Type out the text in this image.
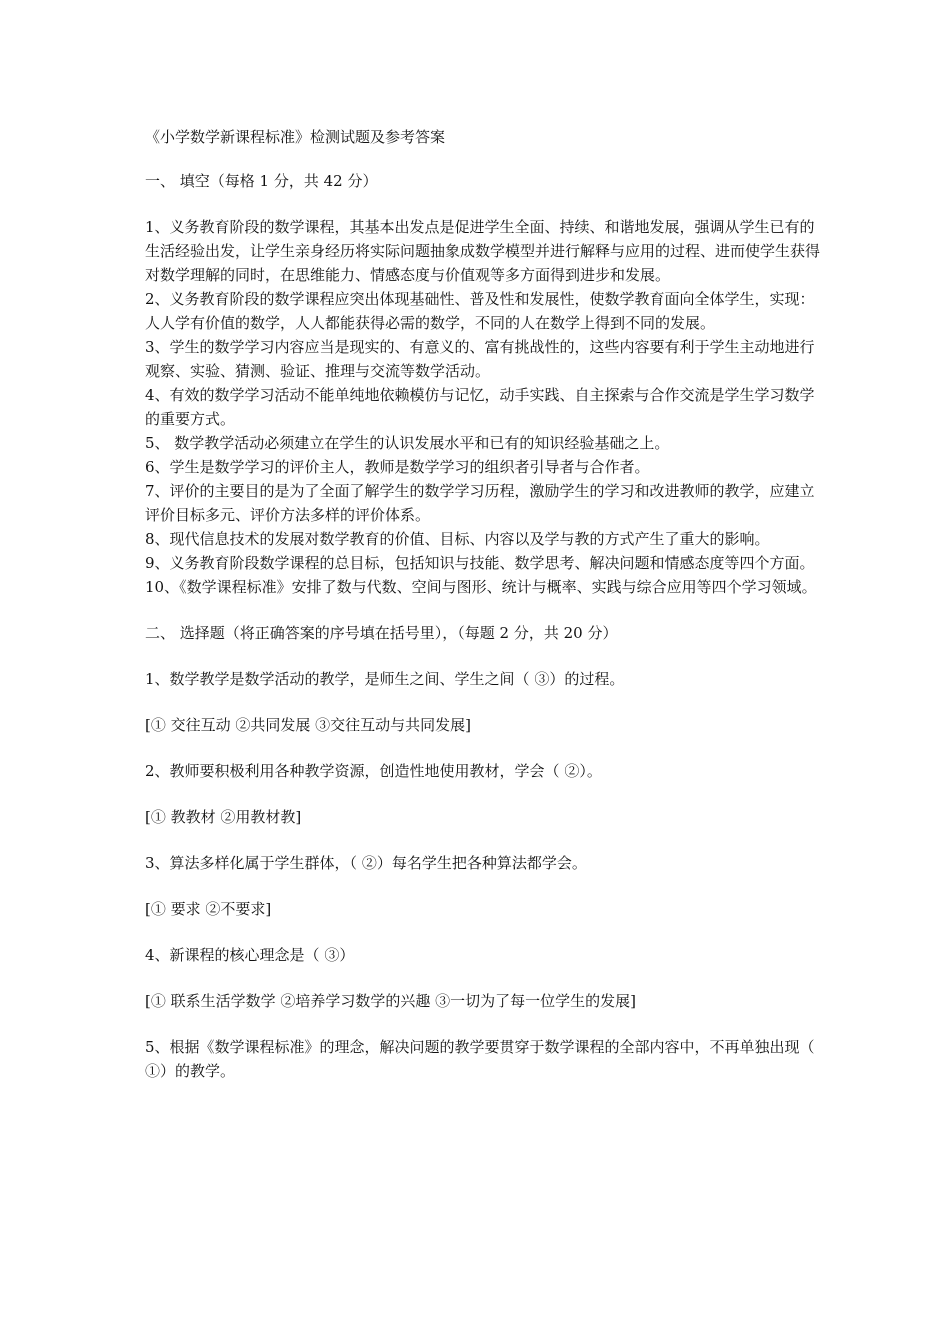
《小学数学新课程标准》检测试题及参考答案

一、 填空（每格 1 分，共 42 分）

1、义务教育阶段的数学课程，其基本出发点是促进学生全面、持续、和谐地发展，强调从学生已有的生活经验出发，让学生亲身经历将实际问题抽象成数学模型并进行解释与应用的过程、进而使学生获得对数学理解的同时，在思维能力、情感态度与价值观等多方面得到进步和发展。

2、义务教育阶段的数学课程应突出体现基础性、普及性和发展性，使数学教育面向全体学生，实现：人人学有价值的数学，人人都能获得必需的数学，不同的人在数学上得到不同的发展。

3、学生的数学学习内容应当是现实的、有意义的、富有挑战性的，这些内容要有利于学生主动地进行观察、实验、猜测、验证、推理与交流等数学活动。

4、有效的数学学习活动不能单纯地依赖模仿与记忆，动手实践、自主探索与合作交流是学生学习数学的重要方式。

5、 数学教学活动必须建立在学生的认识发展水平和已有的知识经验基础之上。

6、学生是数学学习的评价主人，教师是数学学习的组织者引导者与合作者。

7、评价的主要目的是为了全面了解学生的数学学习历程，激励学生的学习和改进教师的教学，应建立评价目标多元、评价方法多样的评价体系。

8、现代信息技术的发展对数学教育的价值、目标、内容以及学与教的方式产生了重大的影响。

9、义务教育阶段数学课程的总目标，包括知识与技能、数学思考、解决问题和情感态度等四个方面。

10、《数学课程标准》安排了数与代数、空间与图形、统计与概率、实践与综合应用等四个学习领域。

二、 选择题（将正确答案的序号填在括号里），（每题 2 分，共 20 分）

1、数学教学是数学活动的教学，是师生之间、学生之间（ ③）的过程。

[① 交往互动 ②共同发展 ③交往互动与共同发展]

2、教师要积极利用各种教学资源，创造性地使用教材，学会（ ②）。

[① 教教材 ②用教材教]

3、算法多样化属于学生群体，（ ②）每名学生把各种算法都学会。

[① 要求 ②不要求]

4、新课程的核心理念是（ ③）

[① 联系生活学数学 ②培养学习数学的兴趣 ③一切为了每一位学生的发展]

5、根据《数学课程标准》的理念，解决问题的教学要贯穿于数学课程的全部内容中，不再单独出现（ ①）的教学。
